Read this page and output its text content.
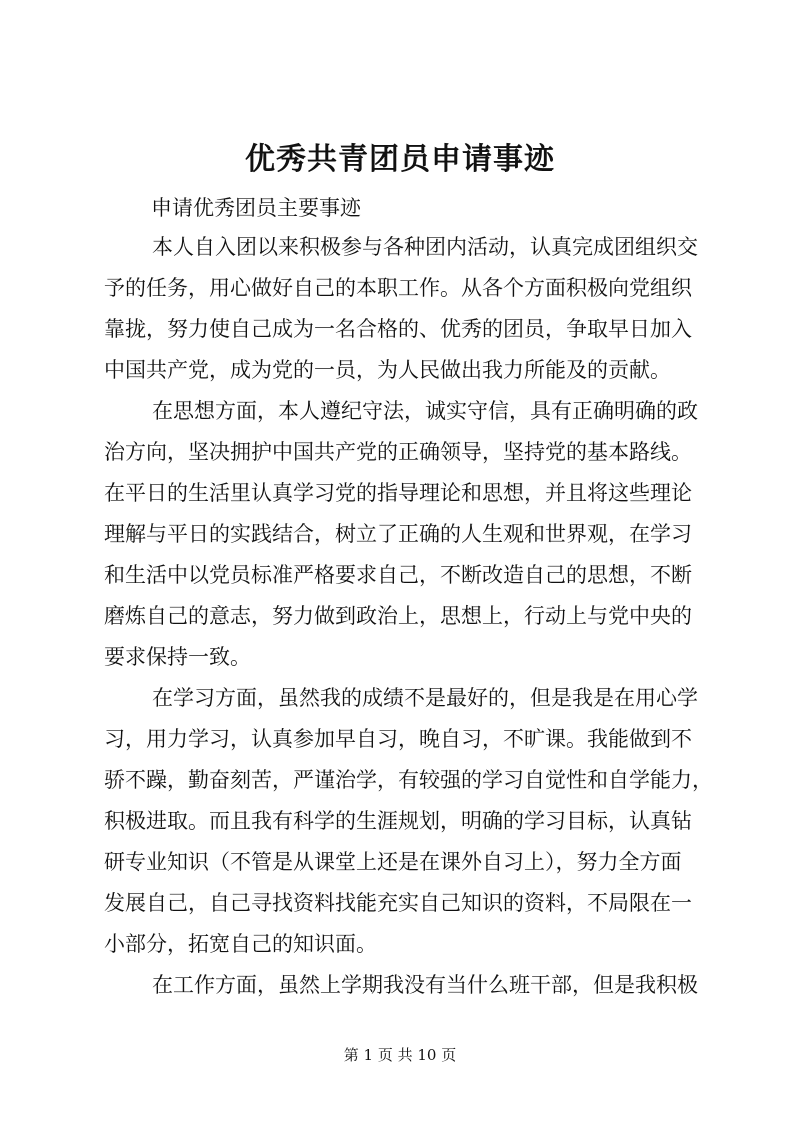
优秀共青团员申请事迹
申请优秀团员主要事迹
本人自入团以来积极参与各种团内活动，认真完成团组织交
予的任务，用心做好自己的本职工作。从各个方面积极向党组织
靠拢，努力使自己成为一名合格的、优秀的团员，争取早日加入
中国共产党，成为党的一员，为人民做出我力所能及的贡献。
在思想方面，本人遵纪守法，诚实守信，具有正确明确的政
治方向，坚决拥护中国共产党的正确领导，坚持党的基本路线。
在平日的生活里认真学习党的指导理论和思想，并且将这些理论
理解与平日的实践结合，树立了正确的人生观和世界观，在学习
和生活中以党员标准严格要求自己，不断改造自己的思想，不断
磨炼自己的意志，努力做到政治上，思想上，行动上与党中央的
要求保持一致。
在学习方面，虽然我的成绩不是最好的，但是我是在用心学
习，用力学习，认真参加早自习，晚自习，不旷课。我能做到不
骄不躁，勤奋刻苦，严谨治学，有较强的学习自觉性和自学能力，
积极进取。而且我有科学的生涯规划，明确的学习目标，认真钻
研专业知识（不管是从课堂上还是在课外自习上），努力全方面
发展自己，自己寻找资料找能充实自己知识的资料，不局限在一
小部分，拓宽自己的知识面。
在工作方面，虽然上学期我没有当什么班干部，但是我积极
第 1 页 共 10 页
